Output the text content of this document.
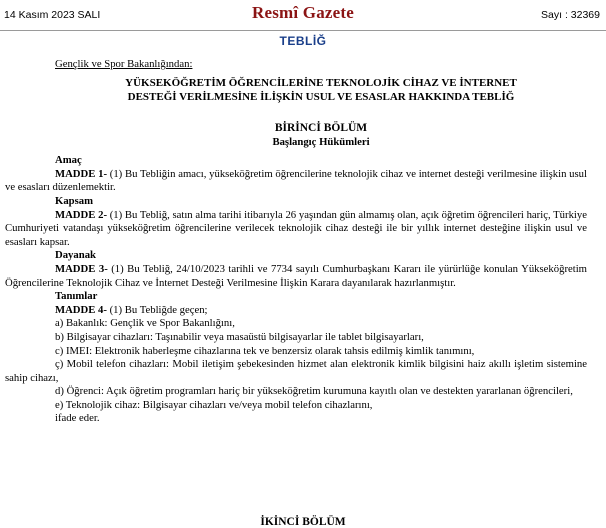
14 Kasım 2023 SALI	Resmî Gazete	Sayı : 32369
TEBLİĞ
Gençlik ve Spor Bakanlığından:
YÜKSEKÖĞRETİM ÖĞRENCİLERİNE TEKNOLOJİK CİHAZ VE İNTERNET
DESTEĞİ VERİLMESİNE İLİŞKİN USUL VE ESASLAR HAKKINDA TEBLİĞ
BİRİNCİ BÖLÜM
Başlangıç Hükümleri
Amaç
MADDE 1- (1) Bu Tebliğin amacı, yükseköğretim öğrencilerine teknolojik cihaz ve internet desteği verilmesine ilişkin usul ve esasları düzenlemektir.
Kapsam
MADDE 2- (1) Bu Tebliğ, satın alma tarihi itibarıyla 26 yaşından gün almamış olan, açık öğretim öğrencileri hariç, Türkiye Cumhuriyeti vatandaşı yükseköğretim öğrencilerine verilecek teknolojik cihaz desteği ile bir yıllık internet desteğine ilişkin usul ve esasları kapsar.
Dayanak
MADDE 3- (1) Bu Tebliğ, 24/10/2023 tarihli ve 7734 sayılı Cumhurbaşkanı Kararı ile yürürlüğe konulan Yükseköğretim Öğrencilerine Teknolojik Cihaz ve İnternet Desteği Verilmesine İlişkin Karara dayanılarak hazırlanmıştır.
Tanımlar
MADDE 4- (1) Bu Tebliğde geçen;
a) Bakanlık: Gençlik ve Spor Bakanlığını,
b) Bilgisayar cihazları: Taşınabilir veya masaüstü bilgisayarlar ile tablet bilgisayarları,
c) IMEI: Elektronik haberleşme cihazlarına tek ve benzersiz olarak tahsis edilmiş kimlik tanımını,
ç) Mobil telefon cihazları: Mobil iletişim şebekesinden hizmet alan elektronik kimlik bilgisini haiz akıllı işletim sistemine sahip cihazı,
d) Öğrenci: Açık öğretim programları hariç bir yükseköğretim kurumuna kayıtlı olan ve destekten yararlanan öğrencileri,
e) Teknolojik cihaz: Bilgisayar cihazları ve/veya mobil telefon cihazlarını,
ifade eder.
İKİNCİ BÖLÜM
